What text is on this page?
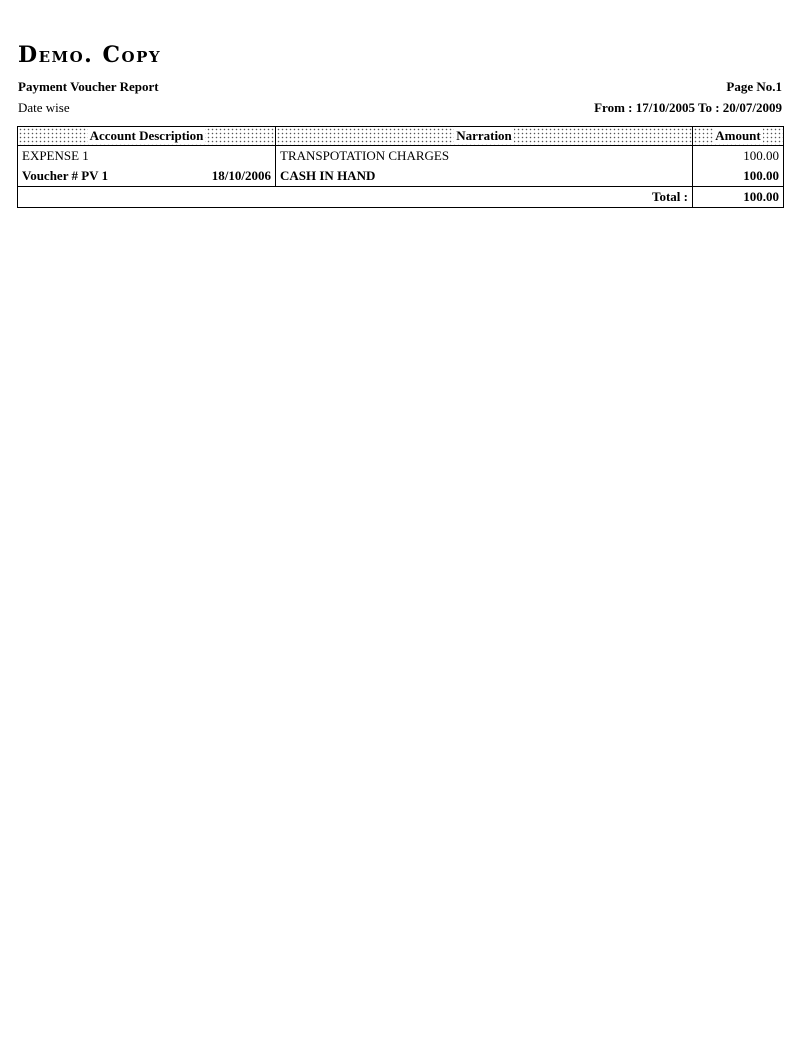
Demo. Copy
Payment Voucher Report
Date wise
Page No.1
From : 17/10/2005 To : 20/07/2009
Account Description	Narration	Amount
EXPENSE 1	TRANSPOTATION CHARGES	100.00

Voucher # PV 1 18/10/2006	CASH IN HAND	100.00
Total :		100.00
